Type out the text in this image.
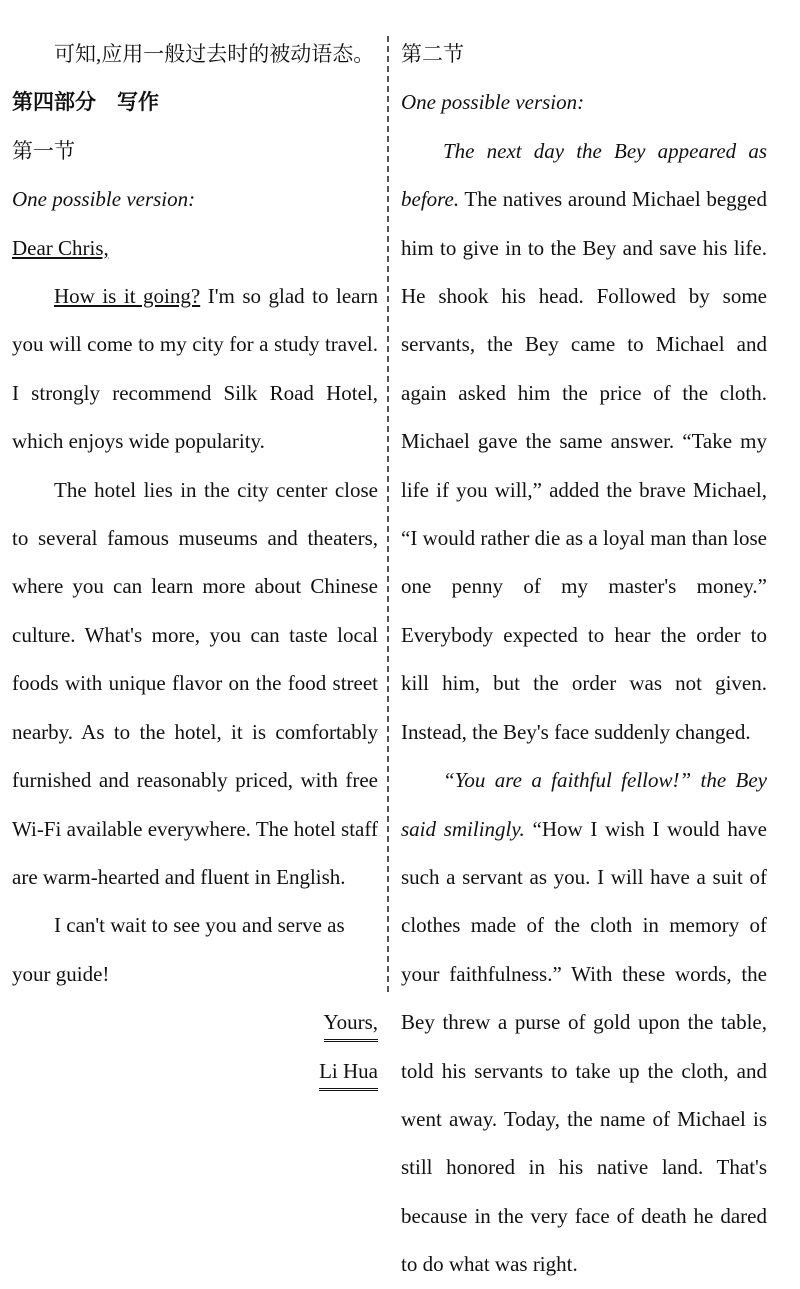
可知,应用一般过去时的被动语态。

第四部分　写作

第一节

One possible version:

Dear Chris,

How is it going? I'm so glad to learn you will come to my city for a study travel. I strongly recommend Silk Road Hotel, which enjoys wide popularity.

The hotel lies in the city center close to several famous museums and theaters, where you can learn more about Chinese culture. What's more, you can taste local foods with unique flavor on the food street nearby. As to the hotel, it is comfortably furnished and reasonably priced, with free Wi-Fi available everywhere. The hotel staff are warm-hearted and fluent in English.

I can't wait to see you and serve as your guide!

Yours,
Li Hua

第二节

One possible version:

The next day the Bey appeared as before. The natives around Michael begged him to give in to the Bey and save his life. He shook his head. Followed by some servants, the Bey came to Michael and again asked him the price of the cloth. Michael gave the same answer. “Take my life if you will,” added the brave Michael, “I would rather die as a loyal man than lose one penny of my master's money.” Everybody expected to hear the order to kill him, but the order was not given. Instead, the Bey's face suddenly changed.

“You are a faithful fellow!” the Bey said smilingly. “How I wish I would have such a servant as you. I will have a suit of clothes made of the cloth in memory of your faithfulness.” With these words, the Bey threw a purse of gold upon the table, told his servants to take up the cloth, and went away. Today, the name of Michael is still honored in his native land. That's because in the very face of death he dared to do what was right.
